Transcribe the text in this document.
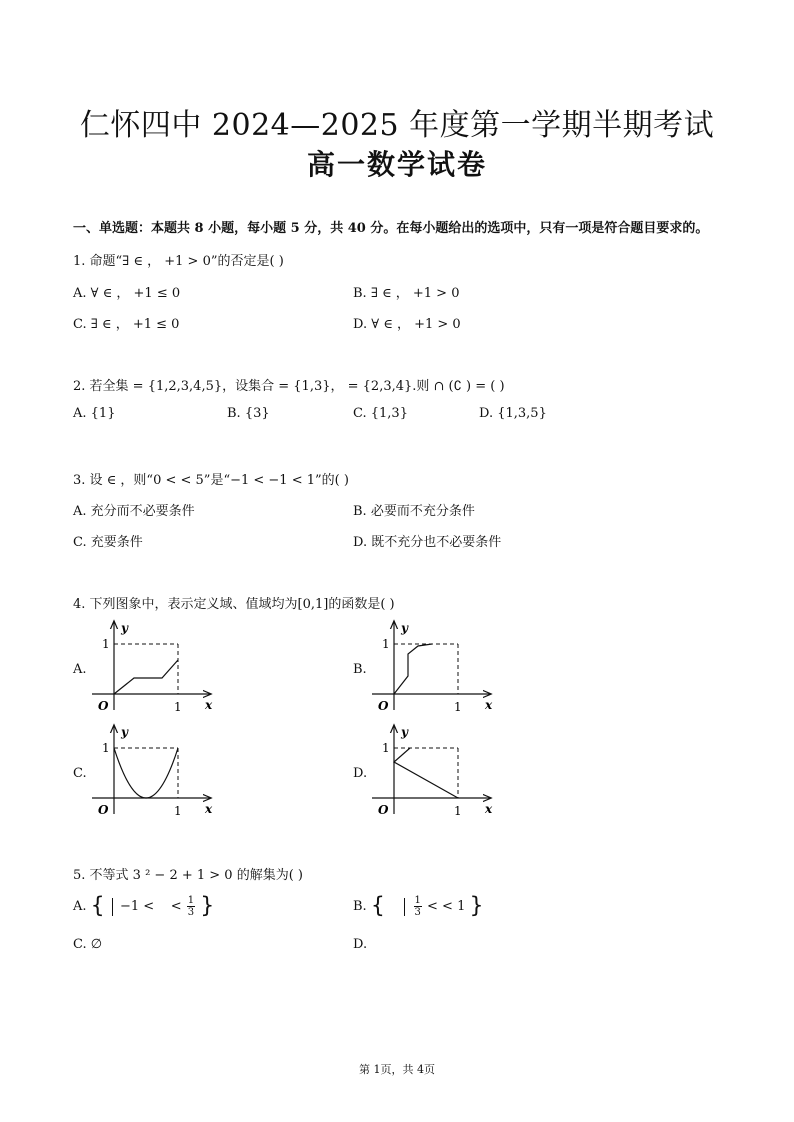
仁怀四中 2024—2025 年度第一学期半期考试
高一数学试卷
一、单选题：本题共 8 小题，每小题 5 分，共 40 分。在每小题给出的选项中，只有一项是符合题目要求的。
1. 命题“∃ ∈ ， +1 > 0”的否定是( )
A. ∀ ∈ ， +1 ≤ 0	B. ∃ ∈ ， +1 > 0
C. ∃ ∈ ， +1 ≤ 0	D. ∀ ∈ ， +1 > 0
2. 若全集 = {1,2,3,4,5}，设集合 = {1,3}， = {2,3,4}.则 ∩ (∁ ) = ( )
A. {1}	B. {3}	C. {1,3}	D. {1,3,5}
3. 设 ∈ ，则“0 < < 5”是“−1 < −1 < 1”的( )
A. 充分而不必要条件	B. 必要而不充分条件
C. 充要条件	D. 既不充分也不必要条件
4. 下列图象中，表示定义域、值域均为[0,1]的函数是( )
A.	B.
C.	D.
1
y
O	1 x
1
y
O	1 x
1
y
O	1 x
1
y
O	1 x
5. 不等式 3 ² − 2 + 1 > 0 的解集为( )
A. { −1 < < $\frac{1}{3}$ }	B. {	$\frac{1}{3}$ < < 1 }
C. ∅	D.
第 1页，共 4页
